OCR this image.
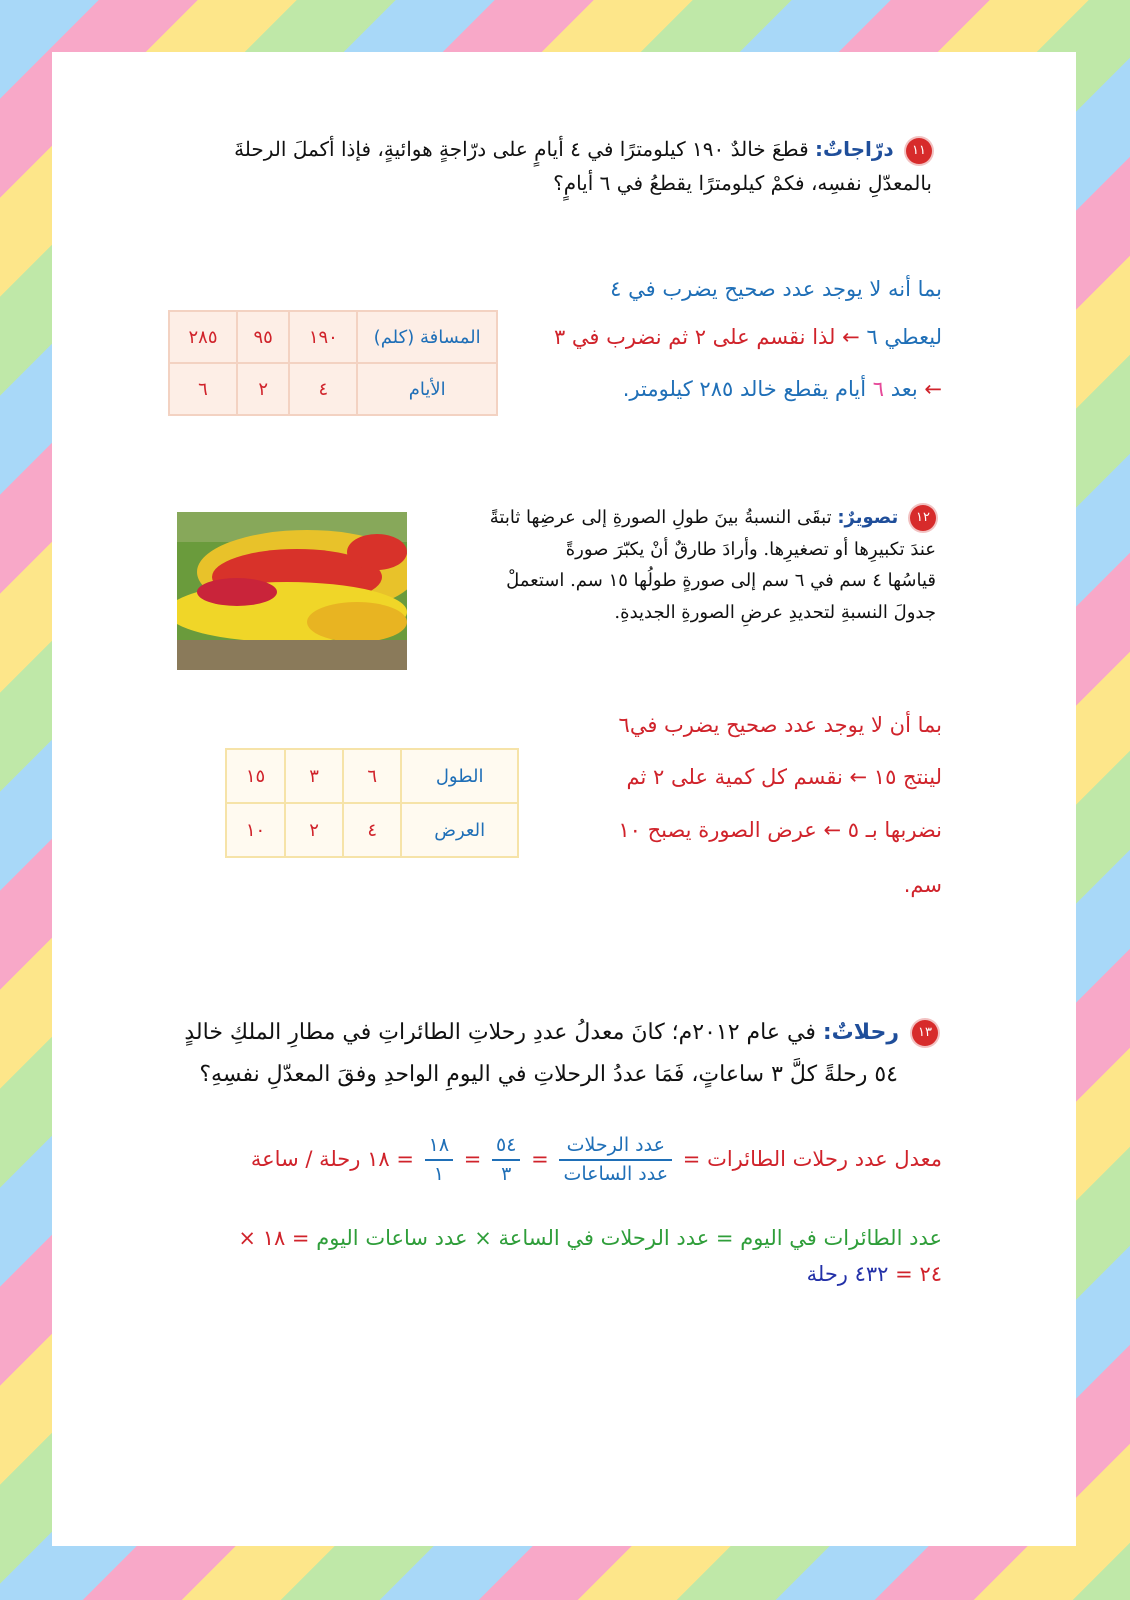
١١ درّاجاتٌ: قطعَ خالدٌ ١٩٠ كيلومترًا في ٤ أيامٍ على درّاجةٍ هوائيةٍ، فإذا أكملَ الرحلةَ
بالمعدّلِ نفسِه، فكمْ كيلومترًا يقطعُ في ٦ أيامٍ؟
بما أنه لا يوجد عدد صحيح يضرب في ٤
ليعطي ٦ ← لذا نقسم على ٢ ثم نضرب في ٣
← بعد ٦ أيام يقطع خالد ٢٨٥ كيلومتر.
المسافة (كلم)	١٩٠	٩٥	٢٨٥
الأيام	٤	٢	٦
١٢ تصويرٌ: تبقَى النسبةُ بينَ طولِ الصورةِ إلى عرضِها ثابتةً
عندَ تكبيرِها أو تصغيرِها. وأرادَ طارقٌ أنْ يكبّرَ صورةً
قياسُها ٤ سم في ٦ سم إلى صورةٍ طولُها ١٥ سم. استعملْ
جدولَ النسبةِ لتحديدِ عرضِ الصورةِ الجديدةِ.
بما أن لا يوجد عدد صحيح يضرب في٦
لينتج ١٥ ← نقسم كل كمية على ٢ ثم
نضربها بـ ٥ ← عرض الصورة يصبح ١٠
سم.
الطول	٦	٣	١٥
العرض	٤	٢	١٠
١٣ رحلاتٌ: في عام ٢٠١٢م؛ كانَ معدلُ عددِ رحلاتِ الطائراتِ في مطارِ الملكِ خالدٍ
٥٤ رحلةً كلَّ ٣ ساعاتٍ، فَمَا عددُ الرحلاتِ في اليومِ الواحدِ وفقَ المعدّلِ نفسِهِ؟
معدل عدد رحلات الطائرات =
$\frac{\text{عدد الرحلات}}{\text{عدد الساعات}}$
=
$\frac{٥٤}{٣}$
=
$\frac{١٨}{١}$
= ١٨ رحلة / ساعة
عدد الطائرات في اليوم = عدد الرحلات في الساعة × عدد ساعات اليوم = ١٨ ×
٢٤ = ٤٣٢ رحلة
